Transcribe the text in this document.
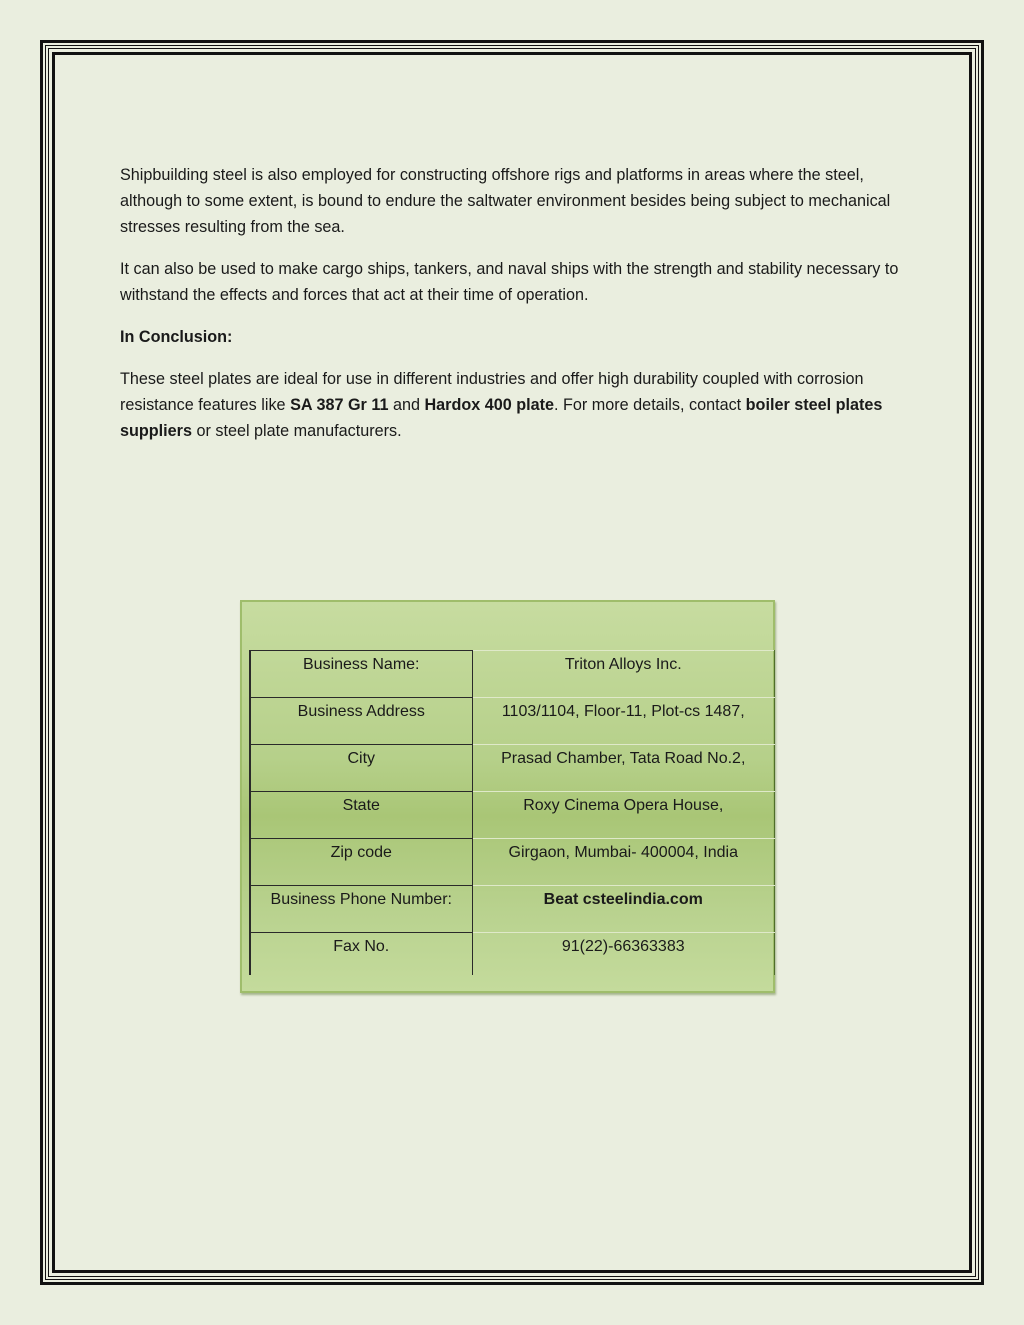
Shipbuilding steel is also employed for constructing offshore rigs and platforms in areas where the steel, although to some extent, is bound to endure the saltwater environment besides being subject to mechanical stresses resulting from the sea.

It can also be used to make cargo ships, tankers, and naval ships with the strength and stability necessary to withstand the effects and forces that act at their time of operation.

In Conclusion:

These steel plates are ideal for use in different industries and offer high durability coupled with corrosion resistance features like SA 387 Gr 11 and Hardox 400 plate. For more details, contact boiler steel plates suppliers or steel plate manufacturers.

Business Name:	Triton Alloys Inc.
Business Address	1103/1104, Floor-11, Plot-cs 1487,
City	Prasad Chamber, Tata Road No.2,
State	Roxy Cinema Opera House,
Zip code	Girgaon, Mumbai- 400004, India
Business Phone Number:	Beat csteelindia.com
Fax No.	91(22)-66363383
